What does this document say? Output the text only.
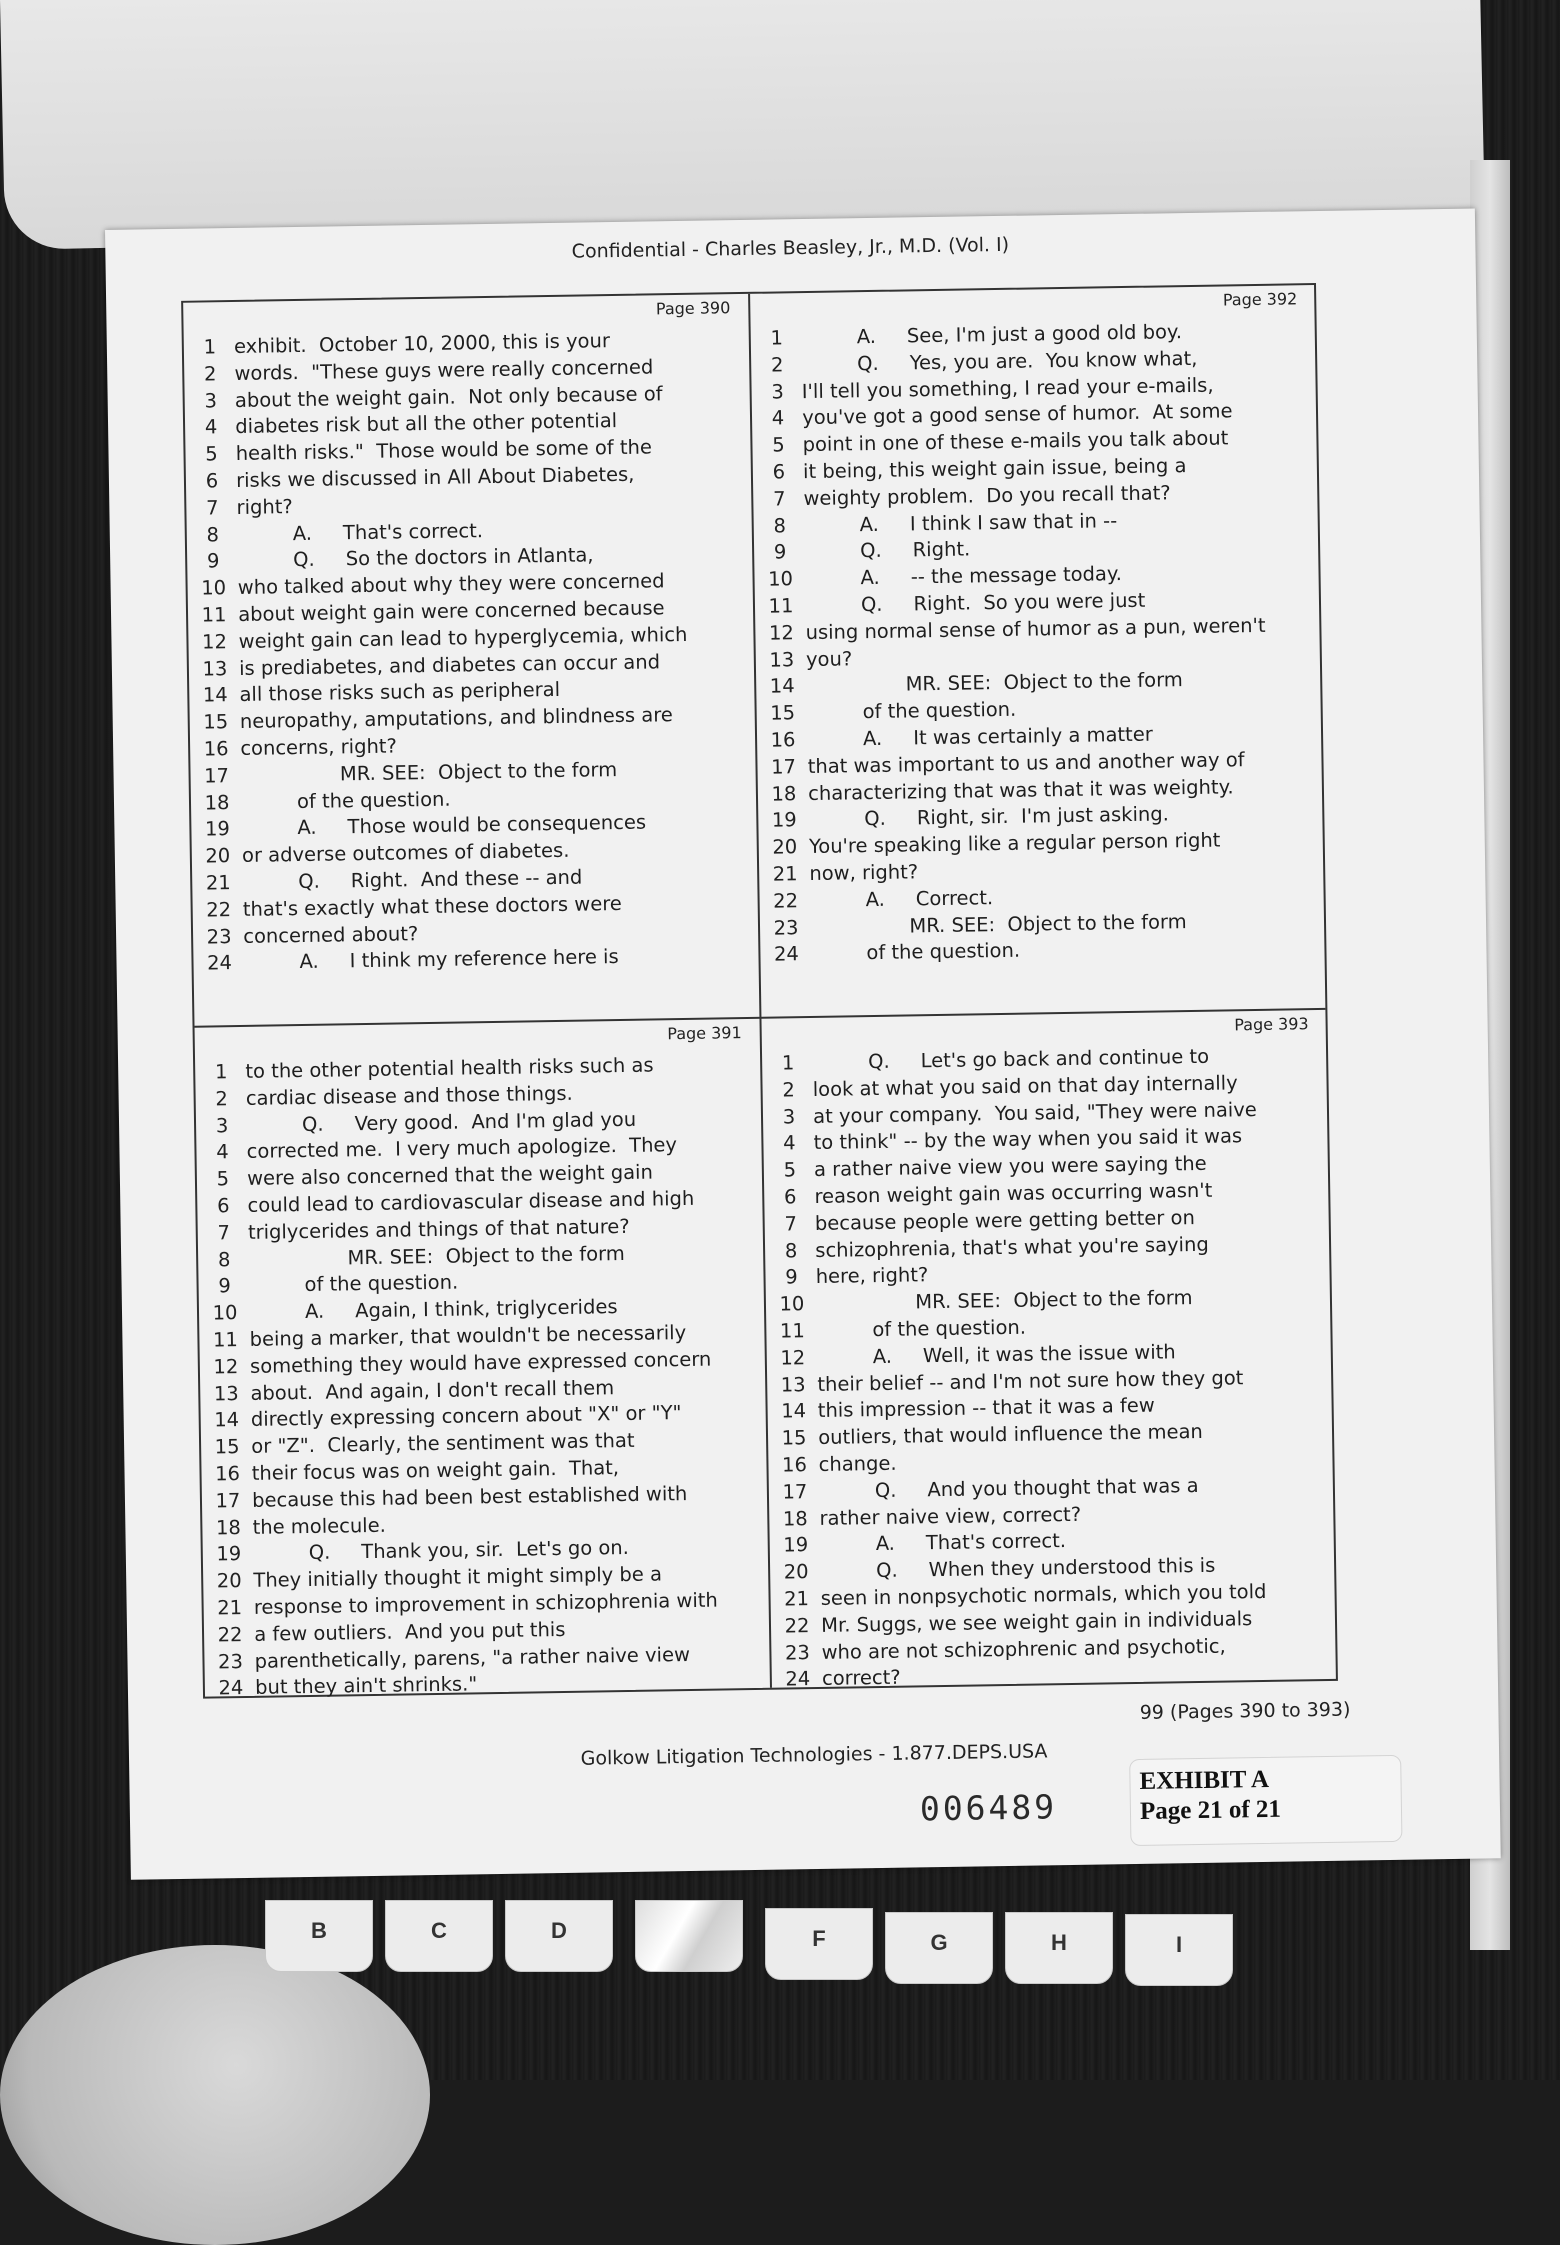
Confidential - Charles Beasley, Jr., M.D. (Vol. I)
Page 390
1 exhibit.  October 10, 2000, this is your
2 words.  "These guys were really concerned
3 about the weight gain.  Not only because of
4 diabetes risk but all the other potential
5 health risks."  Those would be some of the
6 risks we discussed in All About Diabetes,
7 right?
8 A.     That's correct.
9 Q.     So the doctors in Atlanta,
10 who talked about why they were concerned
11 about weight gain were concerned because
12 weight gain can lead to hyperglycemia, which
13 is prediabetes, and diabetes can occur and
14 all those risks such as peripheral
15 neuropathy, amputations, and blindness are
16 concerns, right?
17 MR. SEE:  Object to the form
18 of the question.
19 A.     Those would be consequences
20 or adverse outcomes of diabetes.
21 Q.     Right.  And these -- and
22 that's exactly what these doctors were
23 concerned about?
24 A.     I think my reference here is
Page 392
1 A.     See, I'm just a good old boy.
2 Q.     Yes, you are.  You know what,
3 I'll tell you something, I read your e-mails,
4 you've got a good sense of humor.  At some
5 point in one of these e-mails you talk about
6 it being, this weight gain issue, being a
7 weighty problem.  Do you recall that?
8 A.     I think I saw that in --
9 Q.     Right.
10 A.     -- the message today.
11 Q.     Right.  So you were just
12 using normal sense of humor as a pun, weren't
13 you?
14 MR. SEE:  Object to the form
15 of the question.
16 A.     It was certainly a matter
17 that was important to us and another way of
18 characterizing that was that it was weighty.
19 Q.     Right, sir.  I'm just asking.
20 You're speaking like a regular person right
21 now, right?
22 A.     Correct.
23 MR. SEE:  Object to the form
24 of the question.
Page 391
1 to the other potential health risks such as
2 cardiac disease and those things.
3 Q.     Very good.  And I'm glad you
4 corrected me.  I very much apologize.  They
5 were also concerned that the weight gain
6 could lead to cardiovascular disease and high
7 triglycerides and things of that nature?
8 MR. SEE:  Object to the form
9 of the question.
10 A.     Again, I think, triglycerides
11 being a marker, that wouldn't be necessarily
12 something they would have expressed concern
13 about.  And again, I don't recall them
14 directly expressing concern about "X" or "Y"
15 or "Z".  Clearly, the sentiment was that
16 their focus was on weight gain.  That,
17 because this had been best established with
18 the molecule.
19 Q.     Thank you, sir.  Let's go on.
20 They initially thought it might simply be a
21 response to improvement in schizophrenia with
22 a few outliers.  And you put this
23 parenthetically, parens, "a rather naive view
24 but they ain't shrinks."
Page 393
1 Q.     Let's go back and continue to
2 look at what you said on that day internally
3 at your company.  You said, "They were naive
4 to think" -- by the way when you said it was
5 a rather naive view you were saying the
6 reason weight gain was occurring wasn't
7 because people were getting better on
8 schizophrenia, that's what you're saying
9 here, right?
10 MR. SEE:  Object to the form
11 of the question.
12 A.     Well, it was the issue with
13 their belief -- and I'm not sure how they got
14 this impression -- that it was a few
15 outliers, that would influence the mean
16 change.
17 Q.     And you thought that was a
18 rather naive view, correct?
19 A.     That's correct.
20 Q.     When they understood this is
21 seen in nonpsychotic normals, which you told
22 Mr. Suggs, we see weight gain in individuals
23 who are not schizophrenic and psychotic,
24 correct?
99 (Pages 390 to 393)
Golkow Litigation Technologies - 1.877.DEPS.USA
006489
EXHIBIT A
Page 21 of 21
B	C	D	F	G	H	I
